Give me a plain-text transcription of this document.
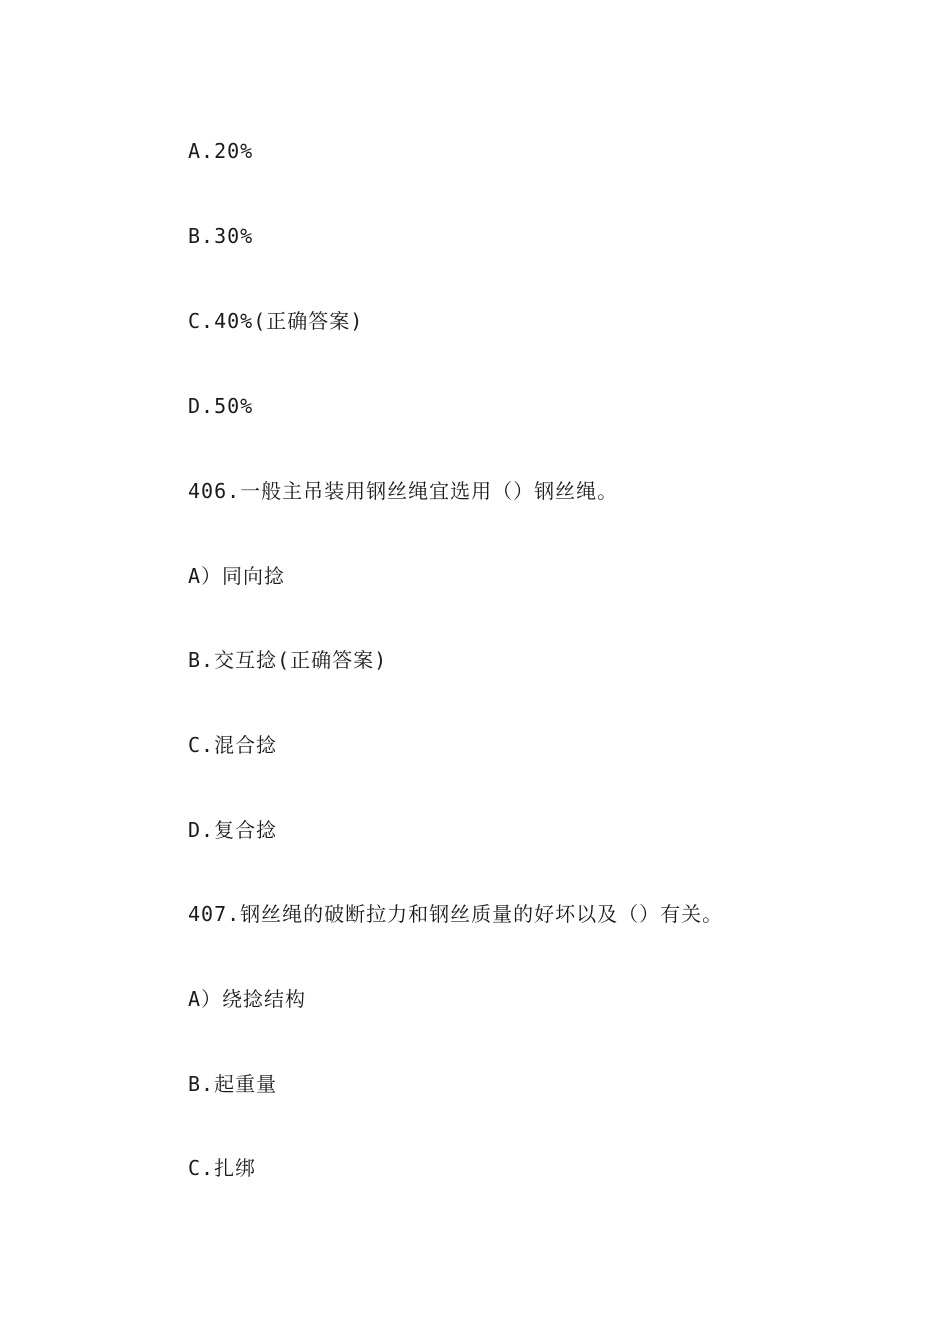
A.20%
B.30%
C.40%(正确答案)
D.50%
406.一般主吊装用钢丝绳宜选用（）钢丝绳。
A）同向捻
B.交互捻(正确答案)
C.混合捻
D.复合捻
407.钢丝绳的破断拉力和钢丝质量的好坏以及（）有关。
A）绕捻结构
B.起重量
C.扎绑
